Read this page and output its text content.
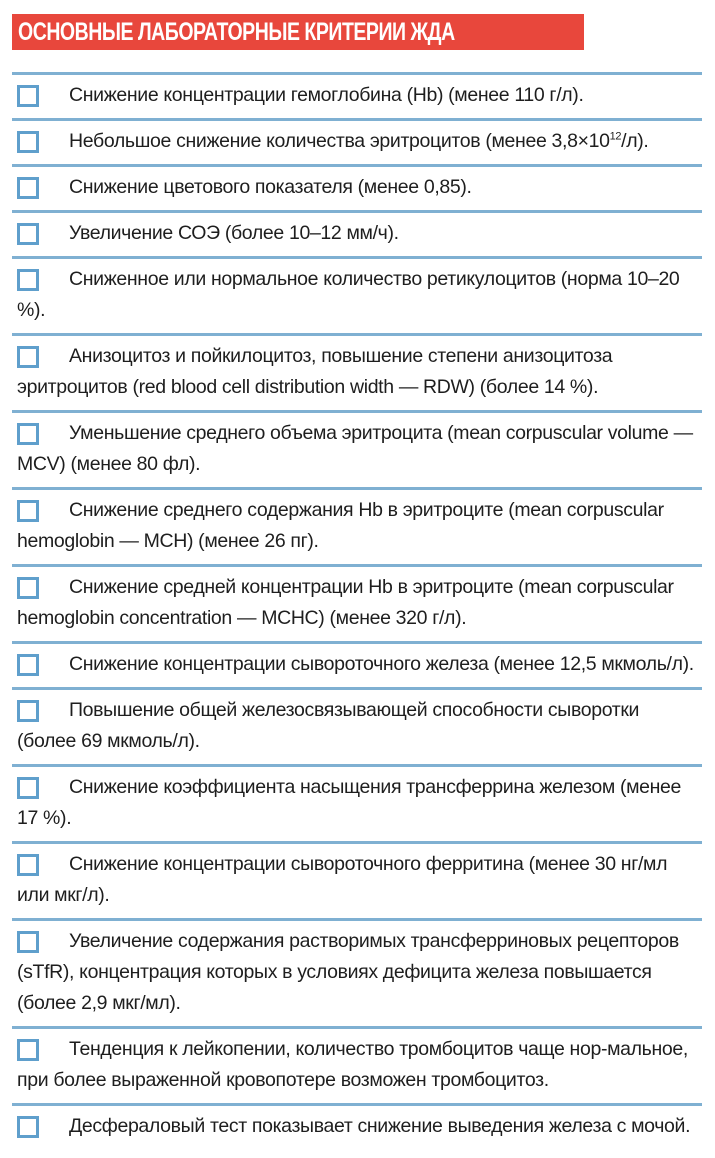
ОСНОВНЫЕ ЛАБОРАТОРНЫЕ КРИТЕРИИ ЖДА
Снижение концентрации гемоглобина (Hb) (менее 110 г/л).
Небольшое снижение количества эритроцитов (менее $3,8\times 10^{12}/л$).
Снижение цветового показателя (менее 0,85).
Увеличение СОЭ (более 10–12 мм/ч).
Сниженное или нормальное количество ретикулоцитов (норма 10–20 %).
Анизоцитоз и пойкилоцитоз, повышение степени анизоцитоза эритроцитов (red blood cell distribution width — RDW) (более 14 %).
Уменьшение среднего объема эритроцита (mean corpuscular volume — MCV) (менее 80 фл).
Снижение среднего содержания Hb в эритроците (mean corpuscular hemoglobin — MCH) (менее 26 пг).
Снижение средней концентрации Hb в эритроците (mean corpuscular hemoglobin concentration — MCHC) (менее 320 г/л).
Снижение концентрации сывороточного железа (менее 12,5 мкмоль/л).
Повышение общей железосвязывающей способности сыворотки (более 69 мкмоль/л).
Снижение коэффициента насыщения трансферрина железом (менее 17 %).
Снижение концентрации сывороточного ферритина (менее 30 нг/мл или мкг/л).
Увеличение содержания растворимых трансферриновых рецепторов (sTfR), концентрация которых в условиях дефицита железа повышается (более 2,9 мкг/мл).
Тенденция к лейкопении, количество тромбоцитов чаще нор-мальное, при более выраженной кровопотере возможен тромбоцитоз.
Десфераловый тест показывает снижение выведения железа с мочой.
